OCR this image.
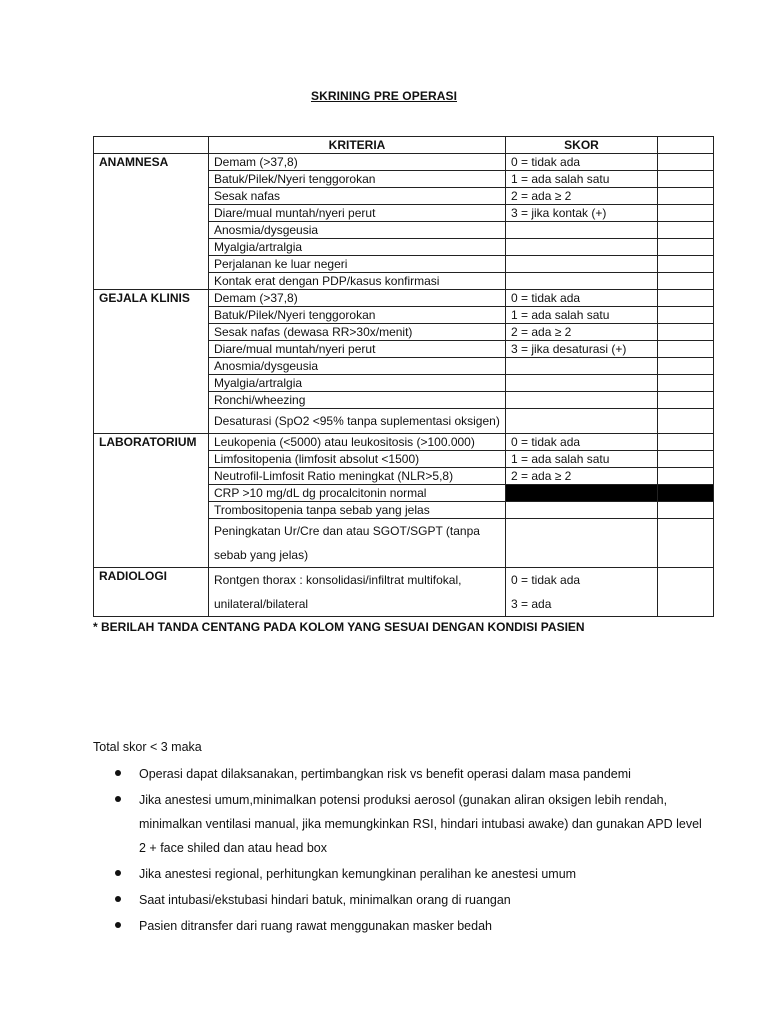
SKRINING PRE OPERASI
	KRITERIA	SKOR	
ANAMNESA	Demam (>37,8)	0 = tidak ada	
	Batuk/Pilek/Nyeri tenggorokan	1 = ada salah satu	
	Sesak nafas	2 = ada ≥ 2	
	Diare/mual muntah/nyeri perut	3 = jika kontak (+)	
	Anosmia/dysgeusia		
	Myalgia/artralgia		
	Perjalanan ke luar negeri		
	Kontak erat dengan PDP/kasus konfirmasi		
GEJALA KLINIS	Demam (>37,8)	0 = tidak ada	
	Batuk/Pilek/Nyeri tenggorokan	1 = ada salah satu	
	Sesak nafas (dewasa RR>30x/menit)	2 = ada ≥ 2	
	Diare/mual muntah/nyeri perut	3 = jika desaturasi (+)	
	Anosmia/dysgeusia		
	Myalgia/artralgia		
	Ronchi/wheezing		
	Desaturasi (SpO2 <95% tanpa suplementasi oksigen)		
LABORATORIUM	Leukopenia (<5000) atau leukositosis (>100.000)	0 = tidak ada	
	Limfositopenia (limfosit absolut <1500)	1 = ada salah satu	
	Neutrofil-Limfosit Ratio meningkat (NLR>5,8)	2 = ada ≥ 2	
	CRP >10 mg/dL dg procalcitonin normal		
	Trombositopenia tanpa sebab yang jelas		
	Peningkatan Ur/Cre dan atau SGOT/SGPT (tanpa sebab yang jelas)		
RADIOLOGI	Rontgen thorax : konsolidasi/infiltrat multifokal, unilateral/bilateral	0 = tidak ada
3 = ada	
* BERILAH TANDA CENTANG PADA KOLOM YANG SESUAI DENGAN KONDISI PASIEN
Total skor < 3 maka
Operasi dapat dilaksanakan, pertimbangkan risk vs benefit operasi dalam masa pandemi
Jika anestesi umum,minimalkan potensi produksi aerosol (gunakan aliran oksigen lebih rendah, minimalkan ventilasi manual, jika memungkinkan RSI, hindari intubasi awake) dan gunakan APD level 2 + face shiled dan atau head box
Jika anestesi regional, perhitungkan kemungkinan peralihan ke anestesi umum
Saat intubasi/ekstubasi hindari batuk, minimalkan orang di ruangan
Pasien ditransfer dari ruang rawat menggunakan masker bedah
